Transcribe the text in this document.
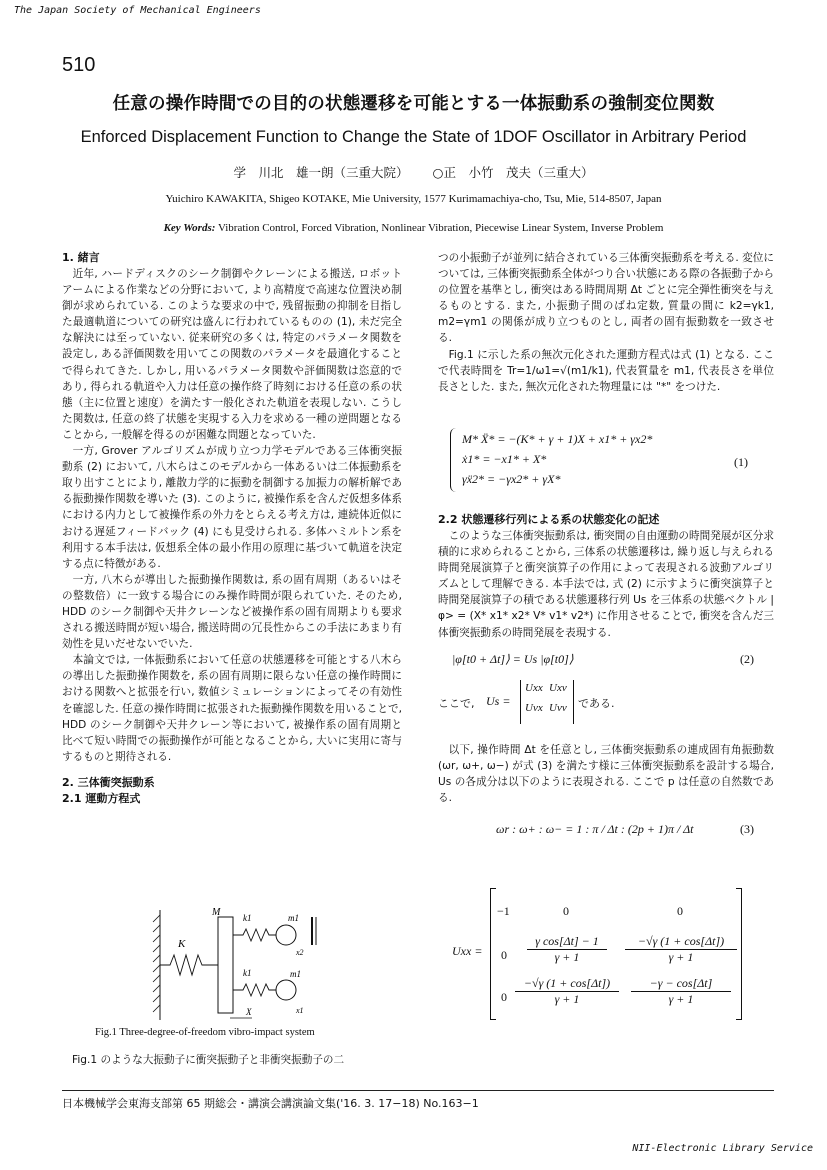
The Japan Society of Mechanical Engineers
NII-Electronic Library Service
510
任意の操作時間での目的の状態遷移を可能とする一体振動系の強制変位関数
Enforced Displacement Function to Change the State of 1DOF Oscillator in Arbitrary Period
学　川北　雄一朗（三重大院） ○正　小竹　茂夫（三重大）
Yuichiro KAWAKITA, Shigeo KOTAKE, Mie University, 1577 Kurimamachiya-cho, Tsu, Mie, 514-8507, Japan
Key Words: Vibration Control, Forced Vibration, Nonlinear Vibration, Piecewise Linear System, Inverse Problem
1. 緒言

近年, ハードディスクのシーク制御やクレーンによる搬送, ロボットアームによる作業などの分野において, より高精度で高速な位置決め制御が求められている. このような要求の中で, 残留振動の抑制を目指した最適軌道についての研究は盛んに行われているものの (1), 未だ完全な解決には至っていない. 従来研究の多くは, 特定のパラメータ関数を設定し, ある評価関数を用いてこの関数のパラメータを最適化することで得られてきた. しかし, 用いるパラメータ関数や評価関数は恣意的であり, 得られる軌道や入力は任意の操作終了時刻における任意の系の状態（主に位置と速度）を満たす一般化された軌道を表現しない. こうした関数は, 任意の終了状態を実現する入力を求める一種の逆問題となることから, 一般解を得るのが困難な問題となっていた.

一方, Grover アルゴリズムが成り立つ力学モデルである三体衝突振動系 (2) において, 八木らはこのモデルから一体あるいは二体振動系を取り出すことにより, 離散力学的に振動を制御する加振力の解析解である振動操作関数を導いた (3). このように, 被操作系を含んだ仮想多体系における内力として被操作系の外力をとらえる考え方は, 連続体近似における遅延フィードバック (4) にも見受けられる. 多体ハミルトン系を利用する本手法は, 仮想系全体の最小作用の原理に基づいて軌道を決定する点に特徴がある.

一方, 八木らが導出した振動操作関数は, 系の固有周期（あるいはその整数倍）に一致する場合にのみ操作時間が限られていた. そのため, HDD のシーク制御や天井クレーンなど被操作系の固有周期よりも要求される搬送時間が短い場合, 搬送時間の冗長性からこの手法にあまり有効性を見いだせないでいた.

本論文では, 一体振動系において任意の状態遷移を可能とする八木らの導出した振動操作関数を, 系の固有周期に限らない任意の操作時間における関数へと拡張を行い, 数値シミュレーションによってその有効性を確認した. 任意の操作時間に拡張された振動操作関数を用いることで, HDD のシーク制御や天井クレーン等において, 被操作系の固有周期と比べて短い時間での振動操作が可能となることから, 大いに実用に寄与するものと期待される.

2. 三体衝突振動系
2.1 運動方程式
K
M	k1	m1
x2
k1	m1
x1
X
Fig.1 Three-degree-of-freedom vibro-impact system
Fig.1 のような大振動子に衝突振動子と非衝突振動子の二

つの小振動子が並列に結合されている三体衝突振動系を考える. 変位については, 三体衝突振動系全体がつり合い状態にある際の各振動子からの位置を基準とし, 衝突はある時間周期 Δt ごとに完全弾性衝突を与えるものとする. また, 小振動子間のばね定数, 質量の間に k2=γk1, m2=γm1 の関係が成り立つものとし, 両者の固有振動数を一致させる.

Fig.1 に示した系の無次元化された運動方程式は式 (1) となる. ここで代表時間を Tr=1/ω1=√(m1/k1), 代表質量を m1, 代表長さを単位長さとした. また, 無次元化された物理量には "*" をつけた.

M* Ẍ* = −(K* + γ + 1)X + x1* + γx2*
ẋ1* = −x1* + X*
γẍ2* = −γx2* + γX*
(1)
2.2 状態遷移行列による系の状態変化の記述

このような三体衝突振動系は, 衝突間の自由運動の時間発展が区分求積的に求められることから, 三体系の状態遷移は, 繰り返し与えられる時間発展演算子と衝突演算子の作用によって表現される波動アルゴリズムとして理解できる. 本手法では, 式 (2) に示すように衝突演算子と時間発展演算子の積である状態遷移行列 Us を三体系の状態ベクトル |φ> = (X* x1* x2* V* v1* v2*) に作用させることで, 衝突を含んだ三体衝突振動系の時間発展を表現する.

|φ[t0 + Δt]⟩ = Us |φ[t0]⟩	(2)
ここで, Us =
Uxx Uxv
Uvx Uvv である.

以下, 操作時間 Δt を任意とし, 三体衝突振動系の連成固有角振動数 (ωr, ω+, ω−) が式 (3) を満たす様に三体衝突振動系を設計する場合, Us の各成分は以下のように表現される. ここで p は任意の自然数である.

ωr : ω+ : ω− = 1 : π / Δt : (2p + 1)π / Δt	(3)
Uxx =
−1	0	0
$0 \frac{\text{γ cos[Δt] − 1}}{\gamma + 1} \frac{-√\gamma (1 + \cos[\Delta t])}{\gamma + 1}$
$0 \frac{-√\gamma (1 + \cos[\Delta t])}{\gamma + 1} \frac{-\gamma - \cos[\Delta t]}{\gamma + 1}$
日本機械学会東海支部第 65 期総会・講演会講演論文集('16. 3. 17−18) No.163−1
